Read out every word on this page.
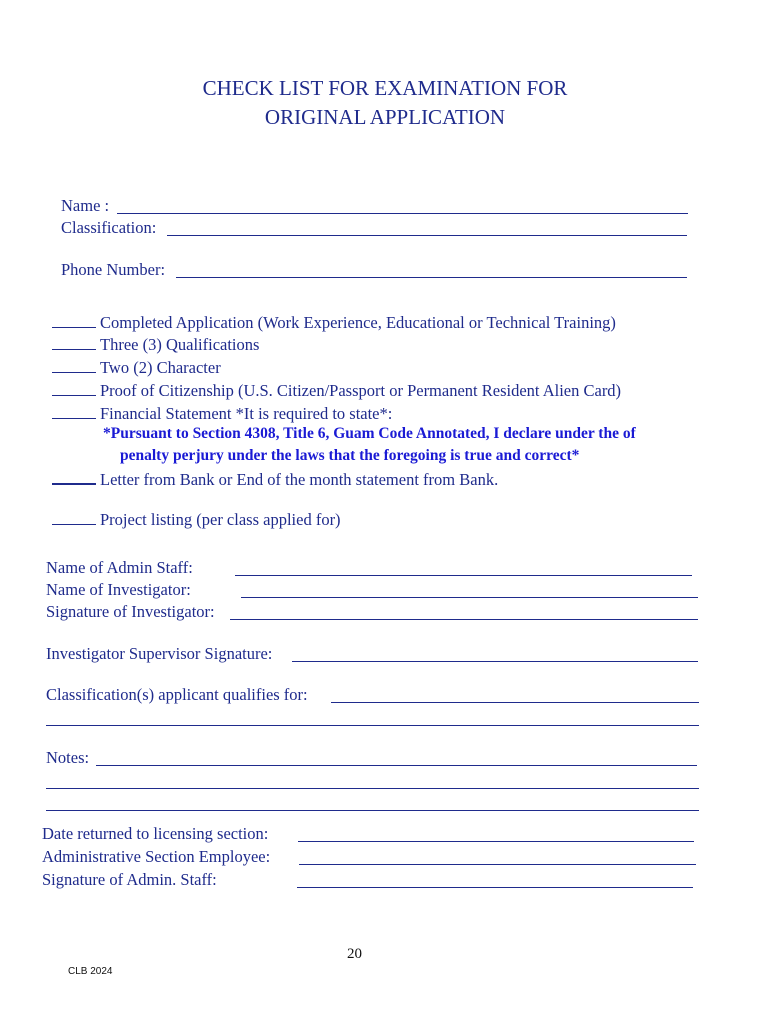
CHECK LIST FOR EXAMINATION FOR
ORIGINAL APPLICATION
Name :
Classification:
Phone Number:
Completed Application (Work Experience, Educational or Technical Training)
Three (3) Qualifications
Two (2) Character
Proof of Citizenship (U.S. Citizen/Passport or Permanent Resident Alien Card)
Financial Statement *It is required to state*:
*Pursuant to Section 4308, Title 6, Guam Code Annotated, I declare under the of
penalty perjury under the laws that the foregoing is true and correct*
Letter from Bank or End of the month statement from Bank.
Project listing (per class applied for)
Name of Admin Staff:
Name of Investigator:
Signature of Investigator:
Investigator Supervisor Signature:
Classification(s) applicant qualifies for:
Notes:
Date returned to licensing section:
Administrative Section Employee:
Signature of Admin. Staff:
20
CLB 2024
